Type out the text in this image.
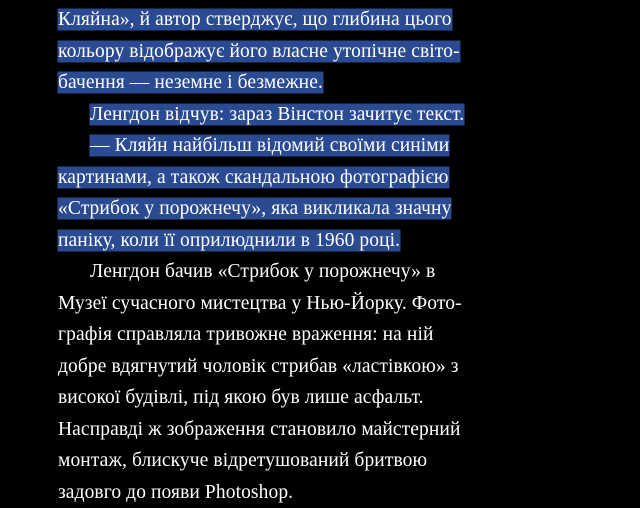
Кляйна», й автор стверджує, що глибина цього
кольору відображує його власне утопічне світо-
бачення — неземне і безмежне.

Ленгдон відчув: зараз Вінстон зачитує текст.

— Кляйн найбільш відомий своїми синіми
картинами, а також скандальною фотографією
«Стрибок у порожнечу», яка викликала значну
паніку, коли її оприлюднили в 1960 році.

Ленгдон бачив «Стрибок у порожнечу» в
Музеї сучасного мистецтва у Нью-Йорку. Фото-
графія справляла тривожне враження: на ній
добре вдягнутий чоловік стрибав «ластівкою» з
високої будівлі, під якою був лише асфальт.
Насправді ж зображення становило майстерний
монтаж, блискуче відретушований бритвою
задовго до появи Photoshop.
